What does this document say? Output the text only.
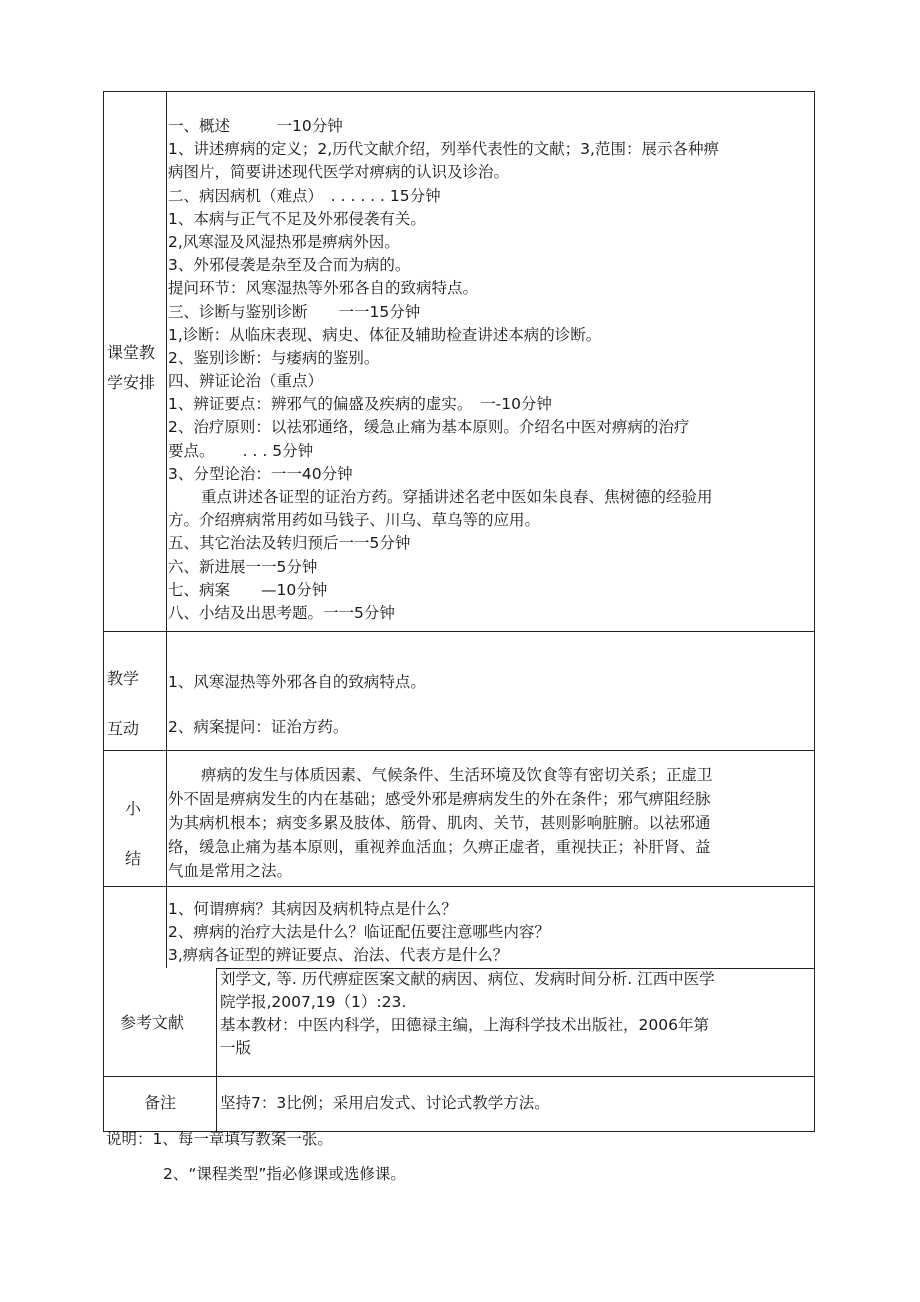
课堂教
学安排
一、概述　　　一10分钟
1、讲述痹病的定义；2,历代文献介绍，列举代表性的文献；3,范围：展示各种痹
病图片，简要讲述现代医学对痹病的认识及诊治。
二、病因病机（难点）　. . . . . . 15分钟
1、本病与正气不足及外邪侵袭有关。
2,风寒湿及风湿热邪是痹病外因。
3、外邪侵袭是杂至及合而为病的。
提问环节：风寒湿热等外邪各自的致病特点。
三、诊断与鉴别诊断　　一一15分钟
1,诊断：从临床表现、病史、体征及辅助检查讲述本病的诊断。
2、鉴别诊断：与痿病的鉴别。
四、辨证论治（重点）
1、辨证要点：辨邪气的偏盛及疾病的虚实。　一-10分钟
2、治疗原则：以祛邪通络，缓急止痛为基本原则。介绍名中医对痹病的治疗
要点。　　 . . . 5分钟
3、分型论治：一一40分钟
重点讲述各证型的证治方药。穿插讲述名老中医如朱良春、焦树德的经验用
方。介绍痹病常用药如马钱子、川乌、草乌等的应用。
五、其它治法及转归预后一一5分钟
六、新进展一一5分钟
七、病案　　—10分钟
八、小结及出思考题。一一5分钟
教学
互动
1、风寒湿热等外邪各自的致病特点。
2、病案提问：证治方药。
小
结
痹病的发生与体质因素、气候条件、生活环境及饮食等有密切关系；正虚卫
外不固是痹病发生的内在基础；感受外邪是痹病发生的外在条件；邪气痹阻经脉
为其病机根本；病变多累及肢体、筋骨、肌肉、关节，甚则影响脏腑。以祛邪通
络，缓急止痛为基本原则，重视养血活血；久痹正虚者，重视扶正；补肝肾、益
气血是常用之法。
1、何谓痹病？其病因及病机特点是什么？
2、痹病的治疗大法是什么？临证配伍要注意哪些内容？
3,痹病各证型的辨证要点、治法、代表方是什么？
参考文献
刘学文, 等. 历代痹症医案文献的病因、病位、发病时间分析. 江西中医学
院学报,2007,19（1）:23.
基本教材：中医内科学，田德禄主编，上海科学技术出版社，2006年第
一版
备注	坚持7：3比例；采用启发式、讨论式教学方法。
说明：1、每一章填写教案一张。
2、“课程类型”指必修课或选修课。
